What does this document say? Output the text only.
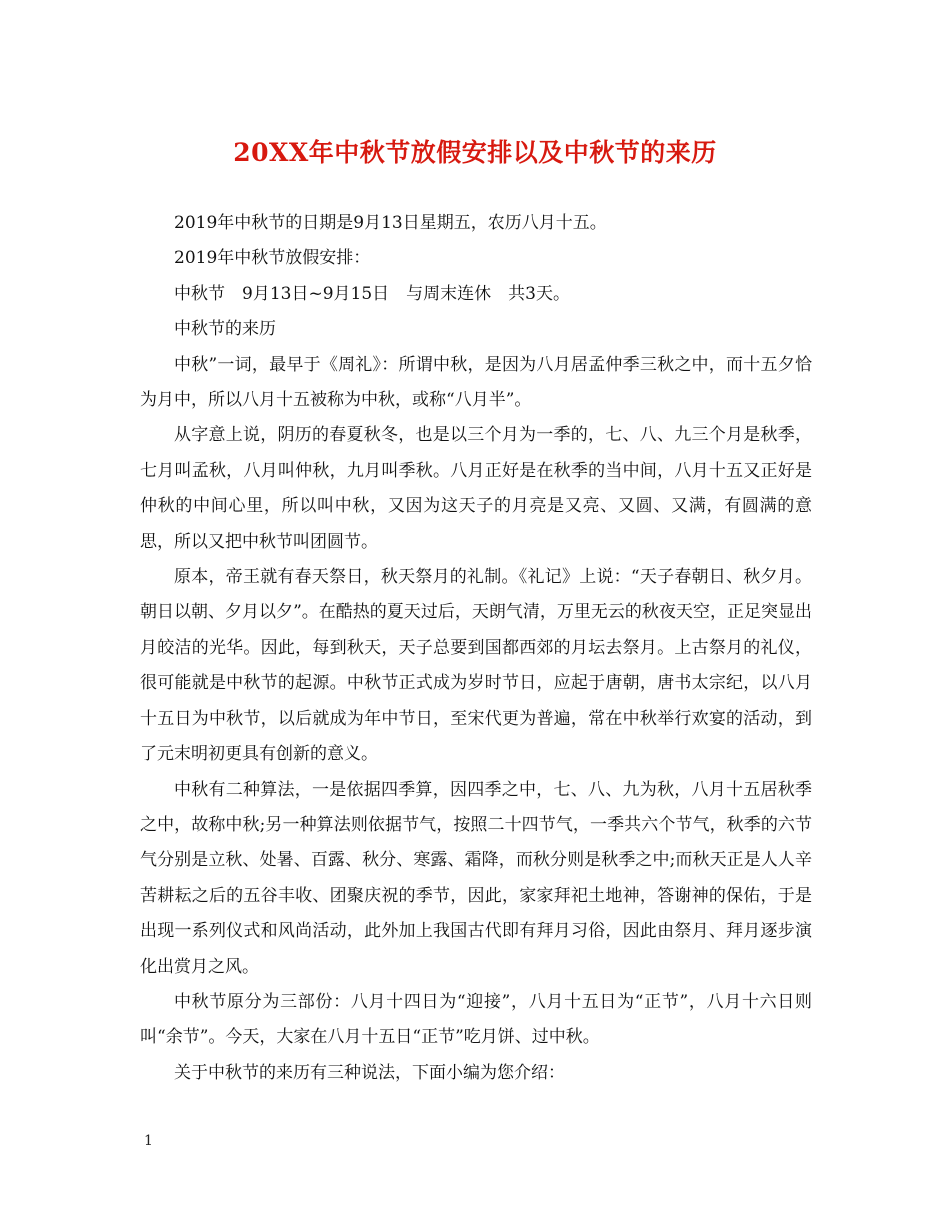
20XX年中秋节放假安排以及中秋节的来历

2019年中秋节的日期是9月13日星期五，农历八月十五。

2019年中秋节放假安排：

中秋节　9月13日~9月15日　与周末连休　共3天。

中秋节的来历

中秋”一词，最早于《周礼》：所谓中秋，是因为八月居孟仲季三秋之中，而十五夕恰为月中，所以八月十五被称为中秋，或称“八月半”。

从字意上说，阴历的春夏秋冬，也是以三个月为一季的，七、八、九三个月是秋季，七月叫孟秋，八月叫仲秋，九月叫季秋。八月正好是在秋季的当中间，八月十五又正好是仲秋的中间心里，所以叫中秋，又因为这天子的月亮是又亮、又圆、又满，有圆满的意思，所以又把中秋节叫团圆节。

原本，帝王就有春天祭日，秋天祭月的礼制。《礼记》上说：“天子春朝日、秋夕月。朝日以朝、夕月以夕”。在酷热的夏天过后，天朗气清，万里无云的秋夜天空，正足突显出月皎洁的光华。因此，每到秋天，天子总要到国都西郊的月坛去祭月。上古祭月的礼仪，很可能就是中秋节的起源。中秋节正式成为岁时节日，应起于唐朝，唐书太宗纪，以八月十五日为中秋节，以后就成为年中节日，至宋代更为普遍，常在中秋举行欢宴的活动，到了元末明初更具有创新的意义。

中秋有二种算法，一是依据四季算，因四季之中，七、八、九为秋，八月十五居秋季之中，故称中秋;另一种算法则依据节气，按照二十四节气，一季共六个节气，秋季的六节气分别是立秋、处暑、百露、秋分、寒露、霜降，而秋分则是秋季之中;而秋天正是人人辛苦耕耘之后的五谷丰收、团聚庆祝的季节，因此，家家拜祀土地神，答谢神的保佑，于是出现一系列仪式和风尚活动，此外加上我国古代即有拜月习俗，因此由祭月、拜月逐步演化出赏月之风。

中秋节原分为三部份：八月十四日为“迎接”，八月十五日为“正节”，八月十六日则叫“余节”。今天，大家在八月十五日“正节”吃月饼、过中秋。

关于中秋节的来历有三种说法，下面小编为您介绍：

1
